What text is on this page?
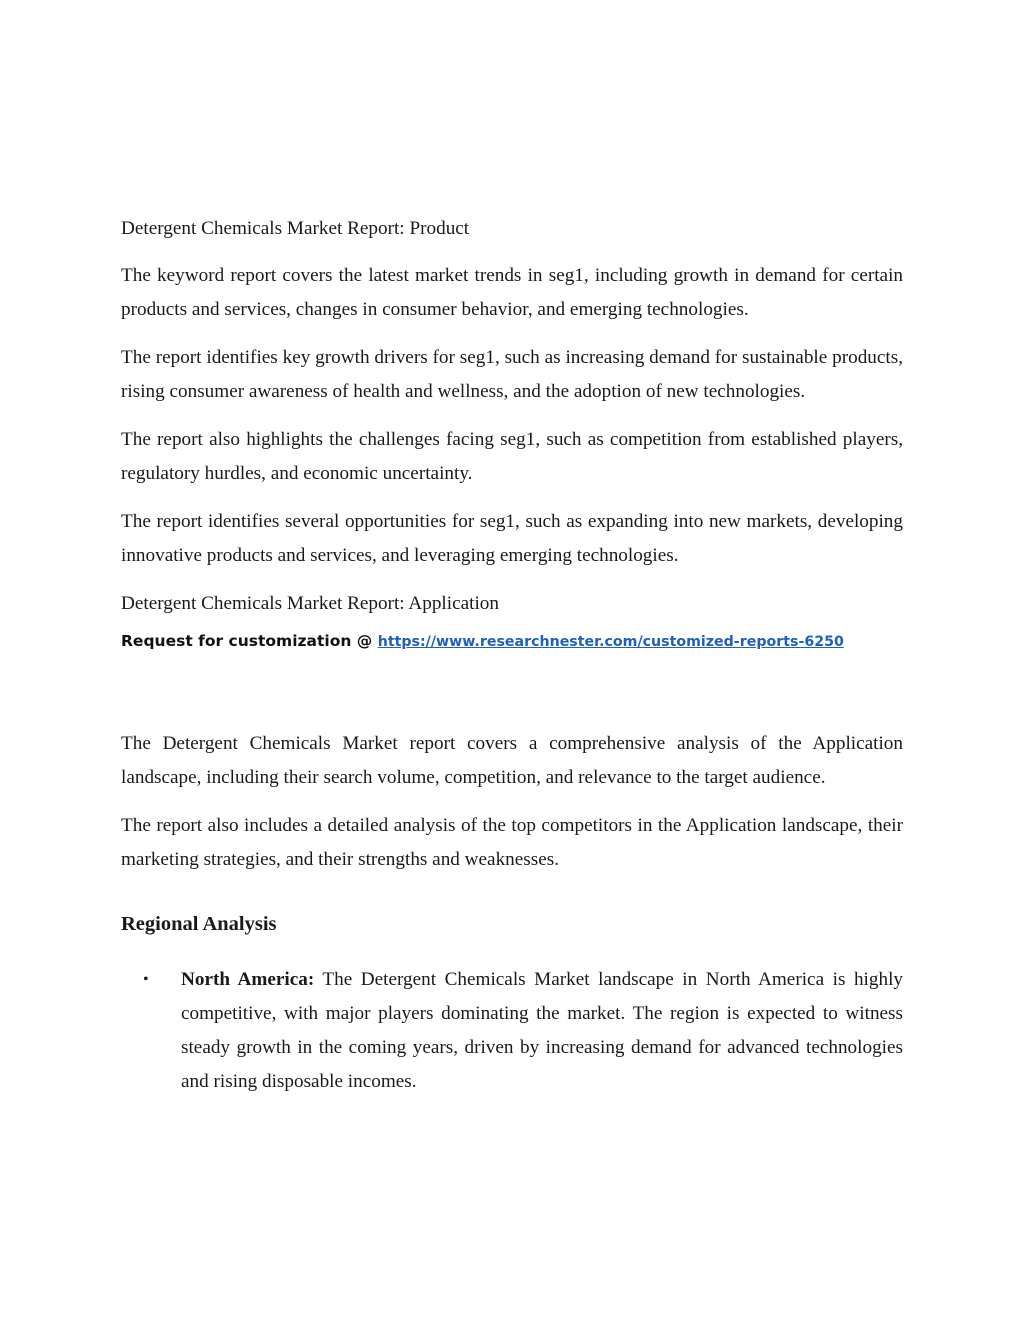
Detergent Chemicals Market Report: Product

The keyword report covers the latest market trends in seg1, including growth in demand for certain products and services, changes in consumer behavior, and emerging technologies.

The report identifies key growth drivers for seg1, such as increasing demand for sustainable products, rising consumer awareness of health and wellness, and the adoption of new technologies.

The report also highlights the challenges facing seg1, such as competition from established players, regulatory hurdles, and economic uncertainty.

The report identifies several opportunities for seg1, such as expanding into new markets, developing innovative products and services, and leveraging emerging technologies.

Detergent Chemicals Market Report: Application

Request for customization @ https://www.researchnester.com/customized-reports-6250

The Detergent Chemicals Market report covers a comprehensive analysis of the Application landscape, including their search volume, competition, and relevance to the target audience.

The report also includes a detailed analysis of the top competitors in the Application landscape, their marketing strategies, and their strengths and weaknesses.

Regional Analysis
• North America: The Detergent Chemicals Market landscape in North America is highly competitive, with major players dominating the market. The region is expected to witness steady growth in the coming years, driven by increasing demand for advanced technologies and rising disposable incomes.
